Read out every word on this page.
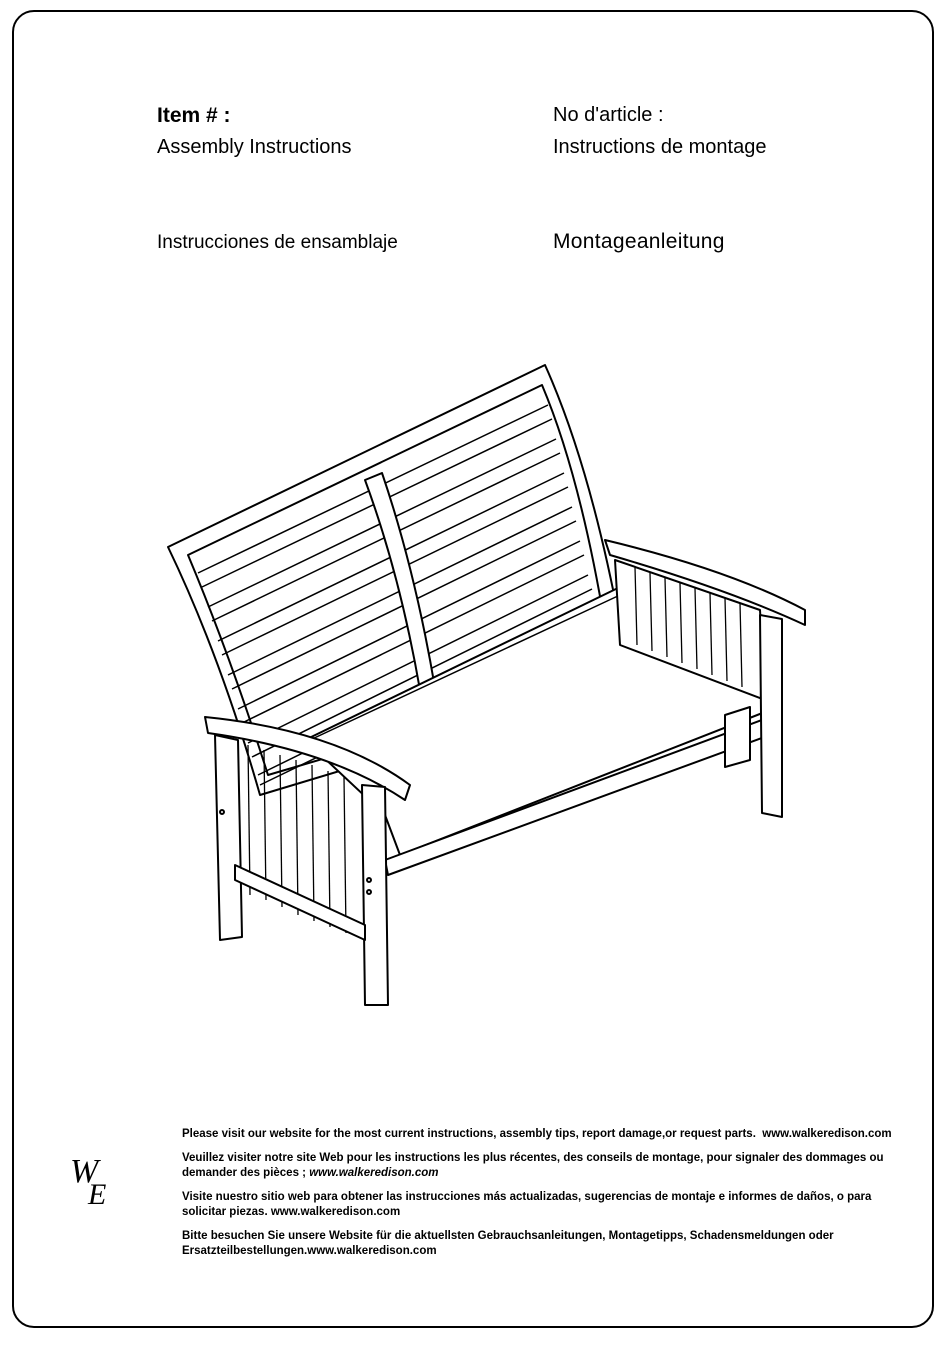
Item # :
Assembly Instructions
No d'article :
Instructions de montage
Instrucciones de ensamblaje	Montageanleitung
W
E

Please visit our website for the most current instructions, assembly tips, report damage,or request parts. www.walkeredison.com

Veuillez visiter notre site Web pour les instructions les plus récentes, des conseils de montage, pour signaler des dommages ou demander des pièces ; www.walkeredison.com

Visite nuestro sitio web para obtener las instrucciones más actualizadas, sugerencias de montaje e informes de daños, o para solicitar piezas. www.walkeredison.com

Bitte besuchen Sie unsere Website für die aktuellsten Gebrauchsanleitungen, Montagetipps, Schadensmeldungen oder Ersatzteilbestellungen.www.walkeredison.com
